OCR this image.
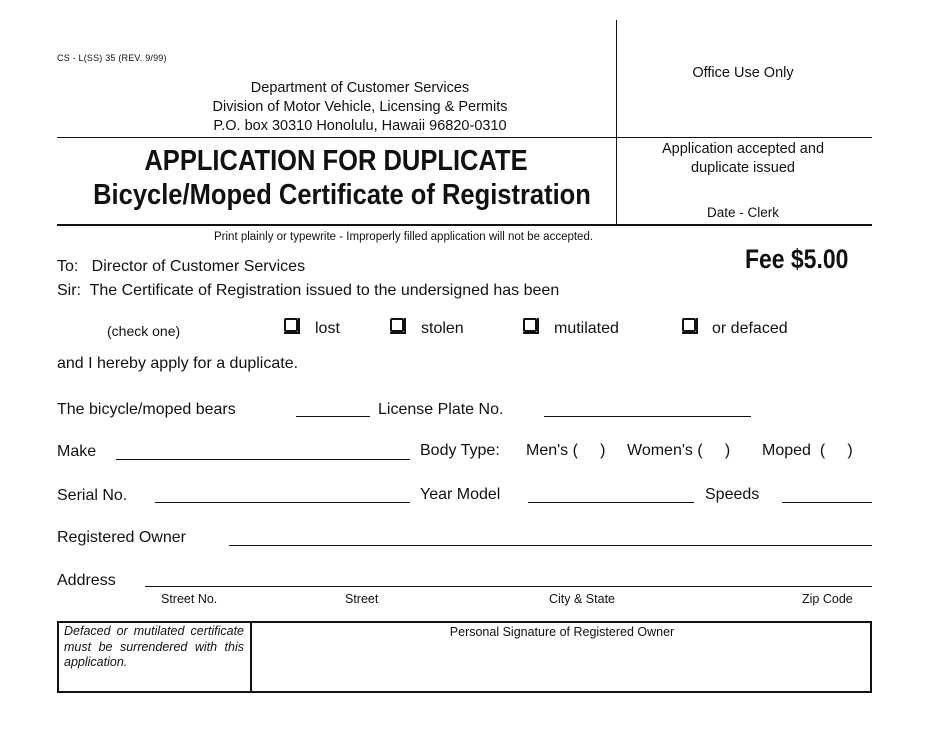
CS - L(SS) 35 (REV. 9/99)
Department of Customer Services
Division of Motor Vehicle, Licensing & Permits
P.O. box 30310 Honolulu, Hawaii 96820-0310
APPLICATION FOR DUPLICATE
Bicycle/Moped Certificate of Registration
Office Use Only
Application accepted and
duplicate issued
Date - Clerk
Print plainly or typewrite - Improperly filled application will not be accepted.
Fee $5.00
To:   Director of Customer Services
Sir:  The Certificate of Registration issued to the undersigned has been
(check one)	lost	stolen	mutilated	or defaced
and I hereby apply for a duplicate.
The bicycle/moped bears	License Plate No.
Make	Body Type: Men's (     ) Women's (     ) Moped  (     )
Serial No.	Year Model	Speeds
Registered Owner
Address
Street No.	Street	City & State	Zip Code
Defaced or mutilated certificate must be surrendered with this application.
Personal Signature of Registered Owner
